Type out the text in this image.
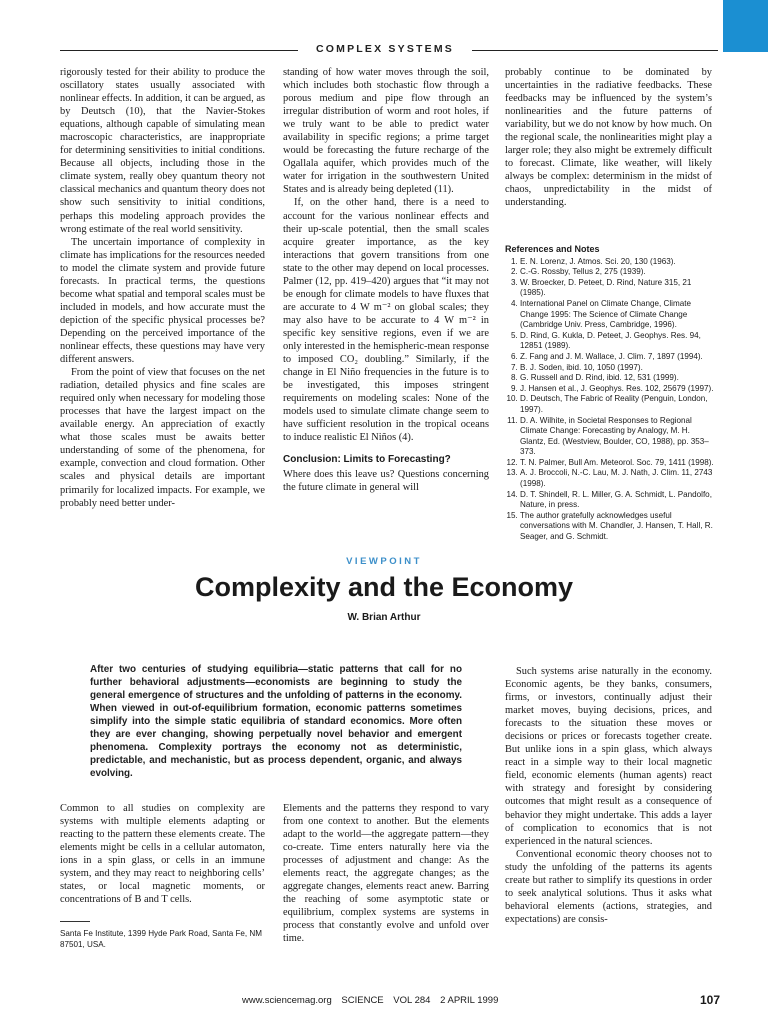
COMPLEX SYSTEMS

rigorously tested for their ability to produce the oscillatory states usually associated with nonlinear effects. In addition, it can be argued, as by Deutsch (10), that the Navier-Stokes equations, although capable of simulating mean macroscopic characteristics, are inappropriate for determining sensitivities to initial conditions. Because all objects, including those in the climate system, really obey quantum theory not classical mechanics and quantum theory does not show such sensitivity to initial conditions, perhaps this modeling approach provides the wrong estimate of the real world sensitivity.

The uncertain importance of complexity in climate has implications for the resources needed to model the climate system and provide future forecasts. In practical terms, the questions become what spatial and temporal scales must be included in models, and how accurate must the depiction of the specific physical processes be? Depending on the perceived importance of the nonlinear effects, these questions may have very different answers.

From the point of view that focuses on the net radiation, detailed physics and fine scales are required only when necessary for modeling those processes that have the largest impact on the available energy. An appreciation of exactly what those scales must be awaits better understanding of some of the phenomena, for example, convection and cloud formation. Other scales and physical details are important primarily for localized impacts. For example, we probably need better under-

standing of how water moves through the soil, which includes both stochastic flow through a porous medium and pipe flow through an irregular distribution of worm and root holes, if we truly want to be able to predict water availability in specific regions; a prime target would be forecasting the future recharge of the Ogallala aquifer, which provides much of the water for irrigation in the southwestern United States and is already being depleted (11).

If, on the other hand, there is a need to account for the various nonlinear effects and their up-scale potential, then the small scales acquire greater importance, as the key interactions that govern transitions from one state to the other may depend on local processes. Palmer (12, pp. 419–420) argues that “it may not be enough for climate models to have fluxes that are accurate to 4 W m⁻² on global scales; they may also have to be accurate to 4 W m⁻² in specific key sensitive regions, even if we are only interested in the hemispheric-mean response to imposed CO₂ doubling.” Similarly, if the change in El Niño frequencies in the future is to be investigated, this imposes stringent requirements on modeling scales: None of the models used to simulate climate change seem to have sufficient resolution in the tropical oceans to induce realistic El Niños (4).

Conclusion: Limits to Forecasting?

Where does this leave us? Questions concerning the future climate in general will

probably continue to be dominated by uncertainties in the radiative feedbacks. These feedbacks may be influenced by the system’s nonlinearities and the future patterns of variability, but we do not know by how much. On the regional scale, the nonlinearities might play a larger role; they also might be extremely difficult to forecast. Climate, like weather, will likely always be complex: determinism in the midst of chaos, unpredictability in the midst of understanding.

References and Notes
1. E. N. Lorenz, J. Atmos. Sci. 20, 130 (1963).
2. C.-G. Rossby, Tellus 2, 275 (1939).
3. W. Broecker, D. Peteet, D. Rind, Nature 315, 21 (1985).
4. International Panel on Climate Change, Climate Change 1995: The Science of Climate Change (Cambridge Univ. Press, Cambridge, 1996).
5. D. Rind, G. Kukla, D. Peteet, J. Geophys. Res. 94, 12851 (1989).
6. Z. Fang and J. M. Wallace, J. Clim. 7, 1897 (1994).
7. B. J. Soden, ibid. 10, 1050 (1997).
8. G. Russell and D. Rind, ibid. 12, 531 (1999).
9. J. Hansen et al., J. Geophys. Res. 102, 25679 (1997).
10. D. Deutsch, The Fabric of Reality (Penguin, London, 1997).
11. D. A. Wilhite, in Societal Responses to Regional Climate Change: Forecasting by Analogy, M. H. Glantz, Ed. (Westview, Boulder, CO, 1988), pp. 353–373.
12. T. N. Palmer, Bull Am. Meteorol. Soc. 79, 1411 (1998).
13. A. J. Broccoli, N.-C. Lau, M. J. Nath, J. Clim. 11, 2743 (1998).
14. D. T. Shindell, R. L. Miller, G. A. Schmidt, L. Pandolfo, Nature, in press.
15. The author gratefully acknowledges useful conversations with M. Chandler, J. Hansen, T. Hall, R. Seager, and G. Schmidt.
VIEWPOINT
Complexity and the Economy
W. Brian Arthur
After two centuries of studying equilibria—static patterns that call for no further behavioral adjustments—economists are beginning to study the general emergence of structures and the unfolding of patterns in the economy. When viewed in out-of-equilibrium formation, economic patterns sometimes simplify into the simple static equilibria of standard economics. More often they are ever changing, showing perpetually novel behavior and emergent phenomena. Complexity portrays the economy not as deterministic, predictable, and mechanistic, but as process dependent, organic, and always evolving.

Common to all studies on complexity are systems with multiple elements adapting or reacting to the pattern these elements create. The elements might be cells in a cellular automaton, ions in a spin glass, or cells in an immune system, and they may react to neighboring cells’ states, or local magnetic moments, or concentrations of B and T cells.

Santa Fe Institute, 1399 Hyde Park Road, Santa Fe, NM 87501, USA.

Elements and the patterns they respond to vary from one context to another. But the elements adapt to the world—the aggregate pattern—they co-create. Time enters naturally here via the processes of adjustment and change: As the elements react, the aggregate changes; as the aggregate changes, elements react anew. Barring the reaching of some asymptotic state or equilibrium, complex systems are systems in process that constantly evolve and unfold over time.

Such systems arise naturally in the economy. Economic agents, be they banks, consumers, firms, or investors, continually adjust their market moves, buying decisions, prices, and forecasts to the situation these moves or decisions or prices or forecasts together create. But unlike ions in a spin glass, which always react in a simple way to their local magnetic field, economic elements (human agents) react with strategy and foresight by considering outcomes that might result as a consequence of behavior they might undertake. This adds a layer of complication to economics that is not experienced in the natural sciences.

Conventional economic theory chooses not to study the unfolding of the patterns its agents create but rather to simplify its questions in order to seek analytical solutions. Thus it asks what behavioral elements (actions, strategies, and expectations) are consis-

www.sciencemag.org SCIENCE VOL 284 2 APRIL 1999	107
